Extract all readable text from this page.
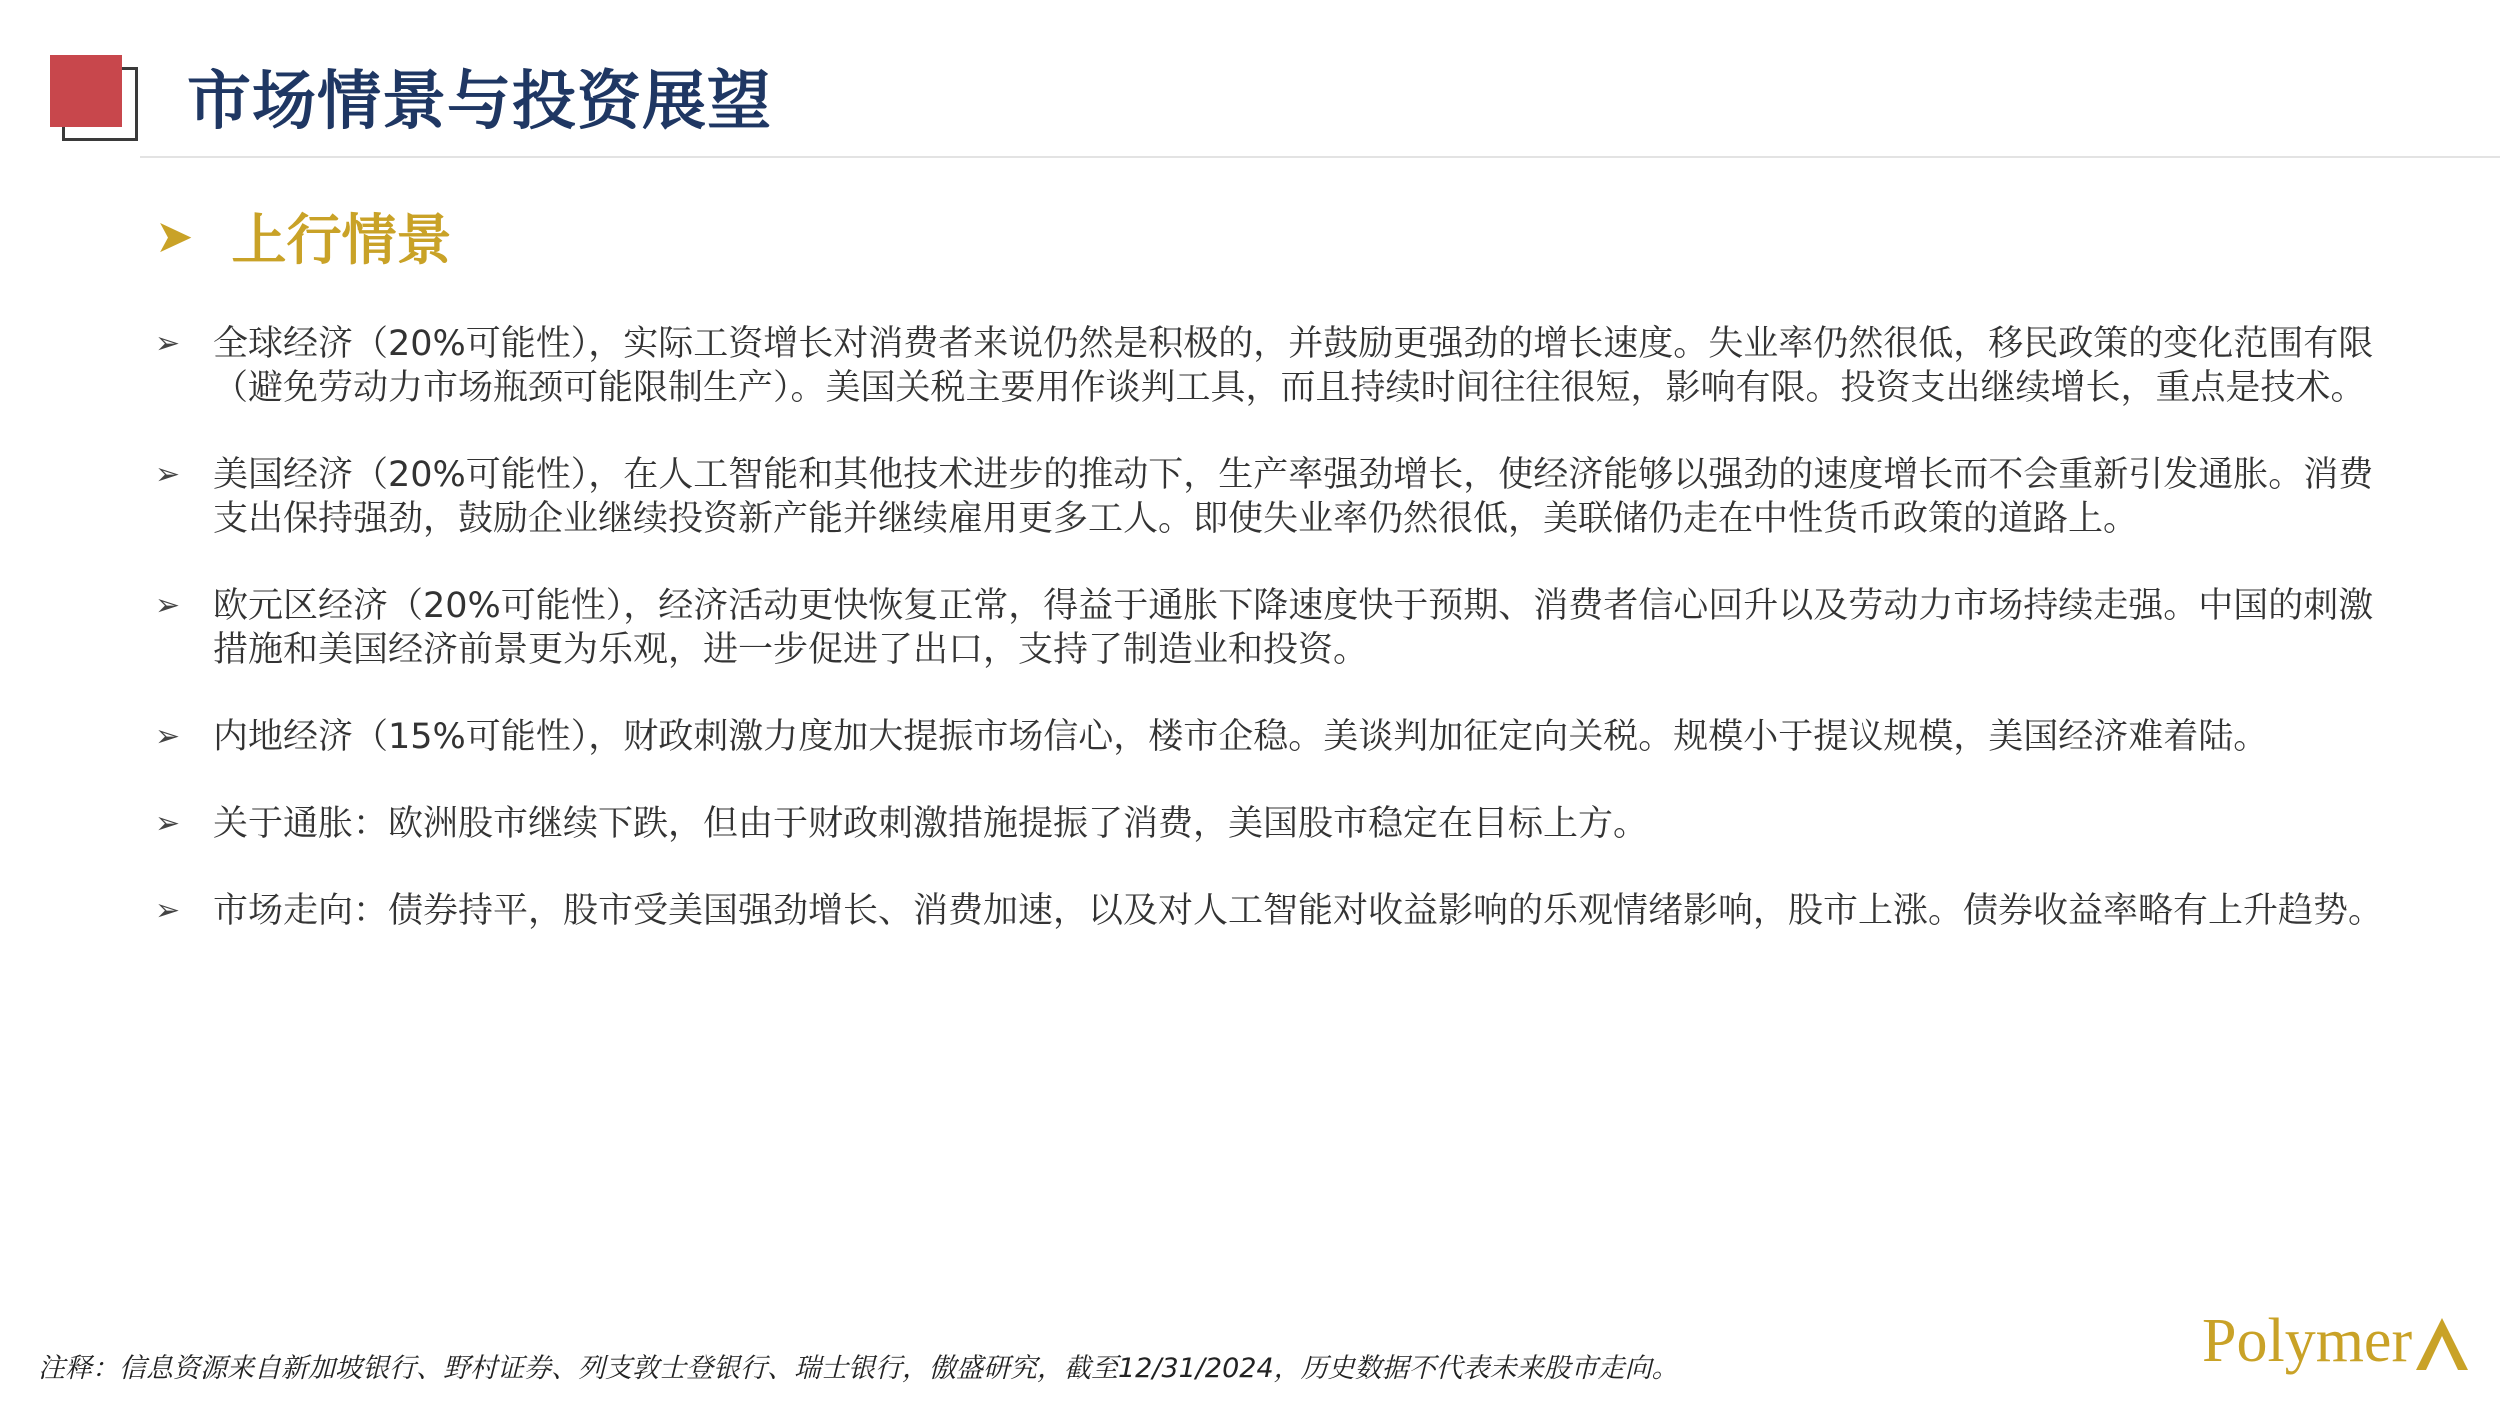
市场情景与投资展望
➤ 上行情景
➢ 全球经济（20%可能性），实际工资增长对消费者来说仍然是积极的，并鼓励更强劲的增长速度。失业率仍然很低，移民政策的变化范围有限（避免劳动力市场瓶颈可能限制生产）。美国关税主要用作谈判工具，而且持续时间往往很短，影响有限。投资支出继续增长，重点是技术。
➢ 美国经济（20%可能性），在人工智能和其他技术进步的推动下，生产率强劲增长，使经济能够以强劲的速度增长而不会重新引发通胀。消费支出保持强劲，鼓励企业继续投资新产能并继续雇用更多工人。即使失业率仍然很低，美联储仍走在中性货币政策的道路上。
➢ 欧元区经济（20%可能性），经济活动更快恢复正常，得益于通胀下降速度快于预期、消费者信心回升以及劳动力市场持续走强。中国的刺激措施和美国经济前景更为乐观，进一步促进了出口，支持了制造业和投资。
➢ 内地经济（15%可能性），财政刺激力度加大提振市场信心，楼市企稳。美谈判加征定向关税。规模小于提议规模，美国经济难着陆。
➢ 关于通胀：欧洲股市继续下跌，但由于财政刺激措施提振了消费，美国股市稳定在目标上方。
➢ 市场走向：债券持平，股市受美国强劲增长、消费加速，以及对人工智能对收益影响的乐观情绪影响，股市上涨。债券收益率略有上升趋势。

注释：信息资源来自新加坡银行、野村证券、列支敦士登银行、瑞士银行，傲盛研究，截至12/31/2024，历史数据不代表未来股市走向。	Polymer
